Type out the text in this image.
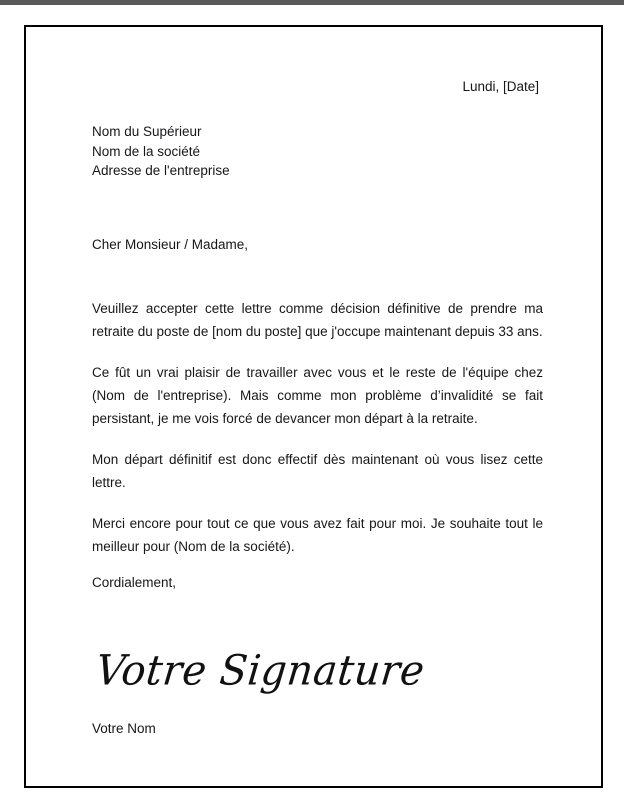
Lundi, [Date]
Nom du Supérieur
Nom de la société
Adresse de l'entreprise
Cher Monsieur / Madame,

Veuillez accepter cette lettre comme décision définitive de prendre ma retraite du poste de [nom du poste] que j'occupe maintenant depuis 33 ans.

Ce fût un vrai plaisir de travailler avec vous et le reste de l'équipe chez (Nom de l'entreprise). Mais comme mon problème d’invalidité se fait persistant, je me vois forcé de devancer mon départ à la retraite.

Mon départ définitif est donc effectif dès maintenant où vous lisez cette lettre.

Merci encore pour tout ce que vous avez fait pour moi. Je souhaite tout le meilleur pour (Nom de la société).

Cordialement,
Votre Signature
Votre Nom
